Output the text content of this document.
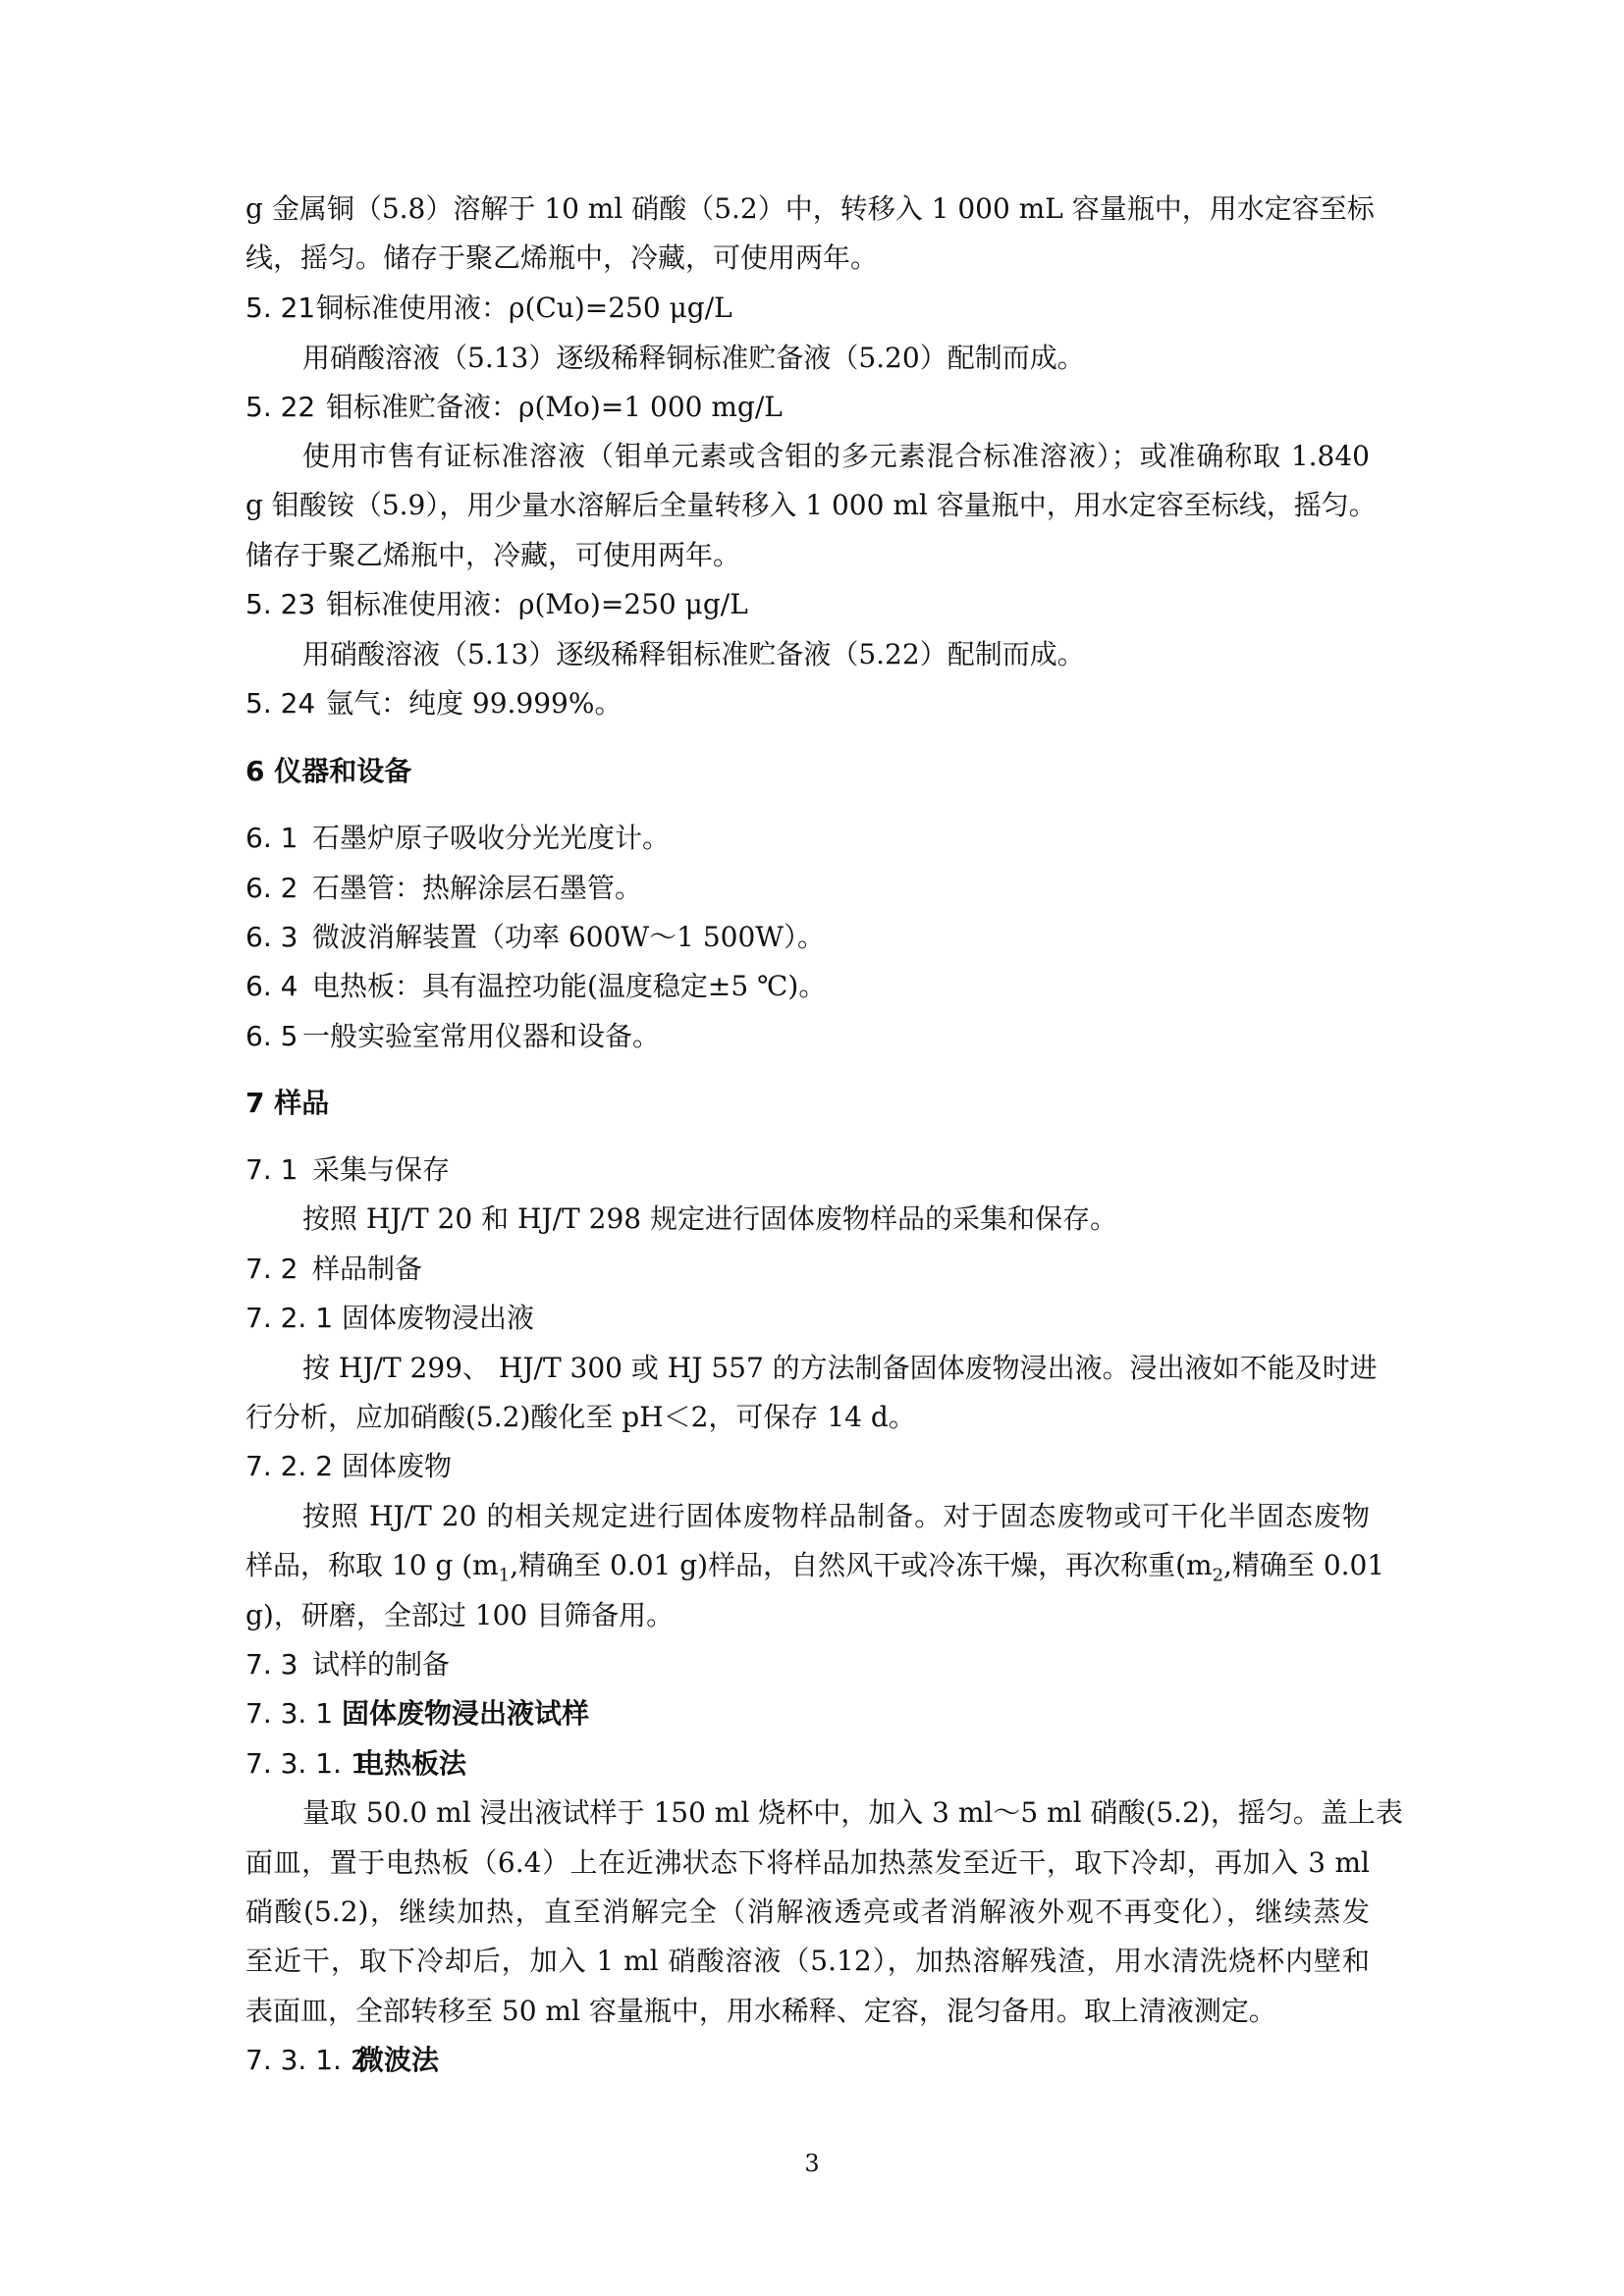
g 金属铜（5.8）溶解于 10 ml 硝酸（5.2）中，转移入 1 000 mL 容量瓶中，用水定容至标
线，摇匀。储存于聚乙烯瓶中，冷藏，可使用两年。
5. 21铜标准使用液：ρ(Cu)=250 μg/L
用硝酸溶液（5.13）逐级稀释铜标准贮备液（5.20）配制而成。
5. 22 钼标准贮备液：ρ(Mo)=1 000 mg/L
使用市售有证标准溶液（钼单元素或含钼的多元素混合标准溶液）；或准确称取 1.840
g 钼酸铵（5.9），用少量水溶解后全量转移入 1 000 ml 容量瓶中，用水定容至标线，摇匀。
储存于聚乙烯瓶中，冷藏，可使用两年。
5. 23 钼标准使用液：ρ(Mo)=250 μg/L
用硝酸溶液（5.13）逐级稀释钼标准贮备液（5.22）配制而成。
5. 24 氩气：纯度 99.999%。
6 仪器和设备
6. 1 石墨炉原子吸收分光光度计。
6. 2 石墨管：热解涂层石墨管。
6. 3 微波消解装置（功率 600W～1 500W）。
6. 4 电热板：具有温控功能(温度稳定±5 ℃)。
6. 5 一般实验室常用仪器和设备。
7 样品
7. 1 采集与保存
按照 HJ/T 20 和 HJ/T 298 规定进行固体废物样品的采集和保存。
7. 2 样品制备
7. 2. 1 固体废物浸出液
按 HJ/T 299、 HJ/T 300 或 HJ 557 的方法制备固体废物浸出液。浸出液如不能及时进
行分析，应加硝酸(5.2)酸化至 pH＜2，可保存 14 d。
7. 2. 2 固体废物
按照 HJ/T 20 的相关规定进行固体废物样品制备。对于固态废物或可干化半固态废物
样品，称取 10 g ($m_1$,精确至 0.01 g)样品，自然风干或冷冻干燥，再次称重($m_2$,精确至 0.01
g)，研磨，全部过 100 目筛备用。
7. 3 试样的制备
7. 3. 1 固体废物浸出液试样
7. 3. 1. 1电热板法
量取 50.0 ml 浸出液试样于 150 ml 烧杯中，加入 3 ml～5 ml 硝酸(5.2)，摇匀。盖上表
面皿，置于电热板（6.4）上在近沸状态下将样品加热蒸发至近干，取下冷却，再加入 3 ml
硝酸(5.2)，继续加热，直至消解完全（消解液透亮或者消解液外观不再变化），继续蒸发
至近干，取下冷却后，加入 1 ml 硝酸溶液（5.12），加热溶解残渣，用水清洗烧杯内壁和
表面皿，全部转移至 50 ml 容量瓶中，用水稀释、定容，混匀备用。取上清液测定。
7. 3. 1. 2微波法
3
